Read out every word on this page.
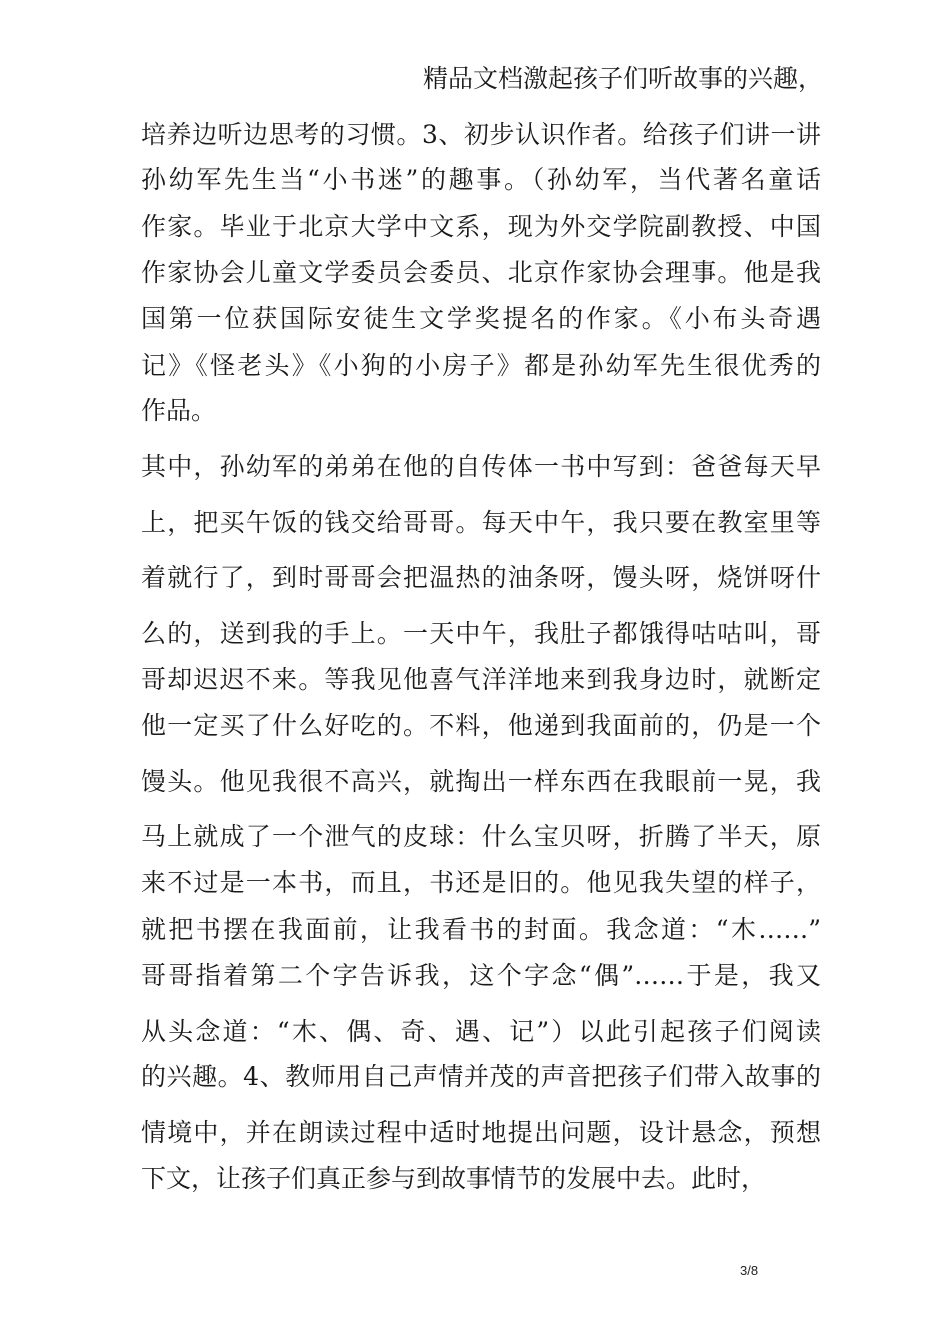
精品文档激起孩子们听故事的兴趣，
培养边听边思考的习惯。3、初步认识作者。给孩子们讲一讲
孙幼军先生当“小书迷”的趣事。（孙幼军，当代著名童话
作家。毕业于北京大学中文系，现为外交学院副教授、中国
作家协会儿童文学委员会委员、北京作家协会理事。他是我
国第一位获国际安徒生文学奖提名的作家。《小布头奇遇
记》《怪老头》《小狗的小房子》都是孙幼军先生很优秀的
作品。
其中，孙幼军的弟弟在他的自传体一书中写到：爸爸每天早
上，把买午饭的钱交给哥哥。每天中午，我只要在教室里等
着就行了，到时哥哥会把温热的油条呀，馒头呀，烧饼呀什
么的，送到我的手上。一天中午，我肚子都饿得咕咕叫，哥
哥却迟迟不来。等我见他喜气洋洋地来到我身边时，就断定
他一定买了什么好吃的。不料，他递到我面前的，仍是一个
馒头。他见我很不高兴，就掏出一样东西在我眼前一晃，我
马上就成了一个泄气的皮球：什么宝贝呀，折腾了半天，原
来不过是一本书，而且，书还是旧的。他见我失望的样子，
就把书摆在我面前，让我看书的封面。我念道：“木……”
哥哥指着第二个字告诉我，这个字念“偶”……于是，我又
从头念道：“木、偶、奇、遇、记”）以此引起孩子们阅读
的兴趣。4、教师用自己声情并茂的声音把孩子们带入故事的
情境中，并在朗读过程中适时地提出问题，设计悬念，预想
下文，让孩子们真正参与到故事情节的发展中去。此时，
3/8
